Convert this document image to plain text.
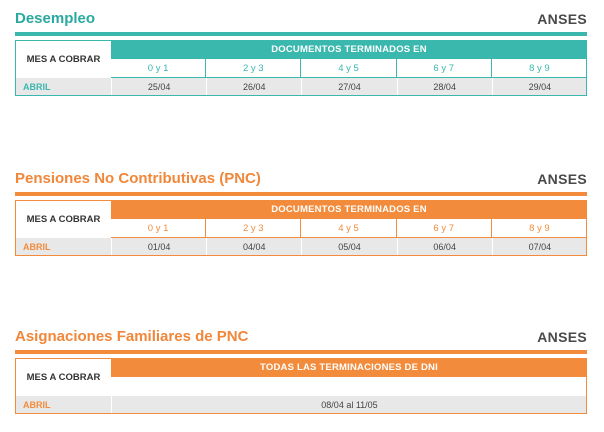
Desempleo	ANSES
MES A COBRAR
DOCUMENTOS TERMINADOS EN
0 y 1	2 y 3	4 y 5	6 y 7	8 y 9
ABRIL	25/04	26/04	27/04	28/04	29/04
Pensiones No Contributivas (PNC)	ANSES
MES A COBRAR
DOCUMENTOS TERMINADOS EN
0 y 1	2 y 3	4 y 5	6 y 7	8 y 9
ABRIL	01/04	04/04	05/04	06/04	07/04
Asignaciones Familiares de PNC	ANSES
MES A COBRAR
TODAS LAS TERMINACIONES DE DNI
ABRIL	08/04 al 11/05
